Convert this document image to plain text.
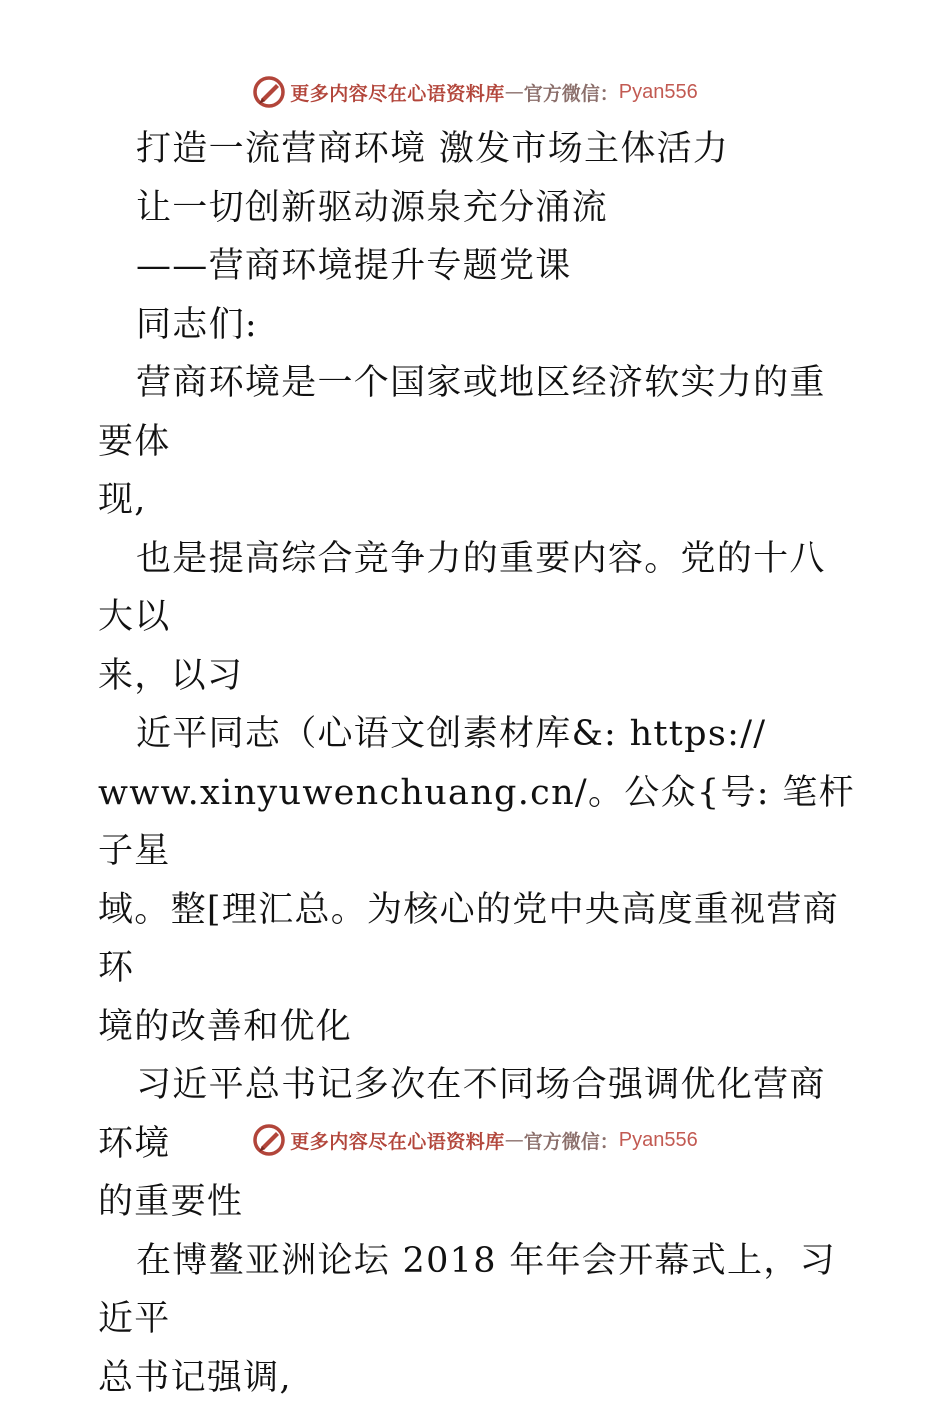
更多内容尽在心语资料库 — 官方微信： Pyan556

打造一流营商环境 激发市场主体活力

让一切创新驱动源泉充分涌流

——营商环境提升专题党课

同志们:

营商环境是一个国家或地区经济软实力的重要体

现,

也是提高综合竞争力的重要内容。党的十八大以

来，以习

近平同志（心语文创素材库&: https://

www.xinyuwenchuang.cn/。公众{号: 笔杆子星

域。整[理汇总。为核心的党中央高度重视营商环

境的改善和优化

习近平总书记多次在不同场合强调优化营商环境

的重要性

在博鳌亚洲论坛 2018 年年会开幕式上，习近平

总书记强调,

更多内容尽在心语资料库 — 官方微信： Pyan556
